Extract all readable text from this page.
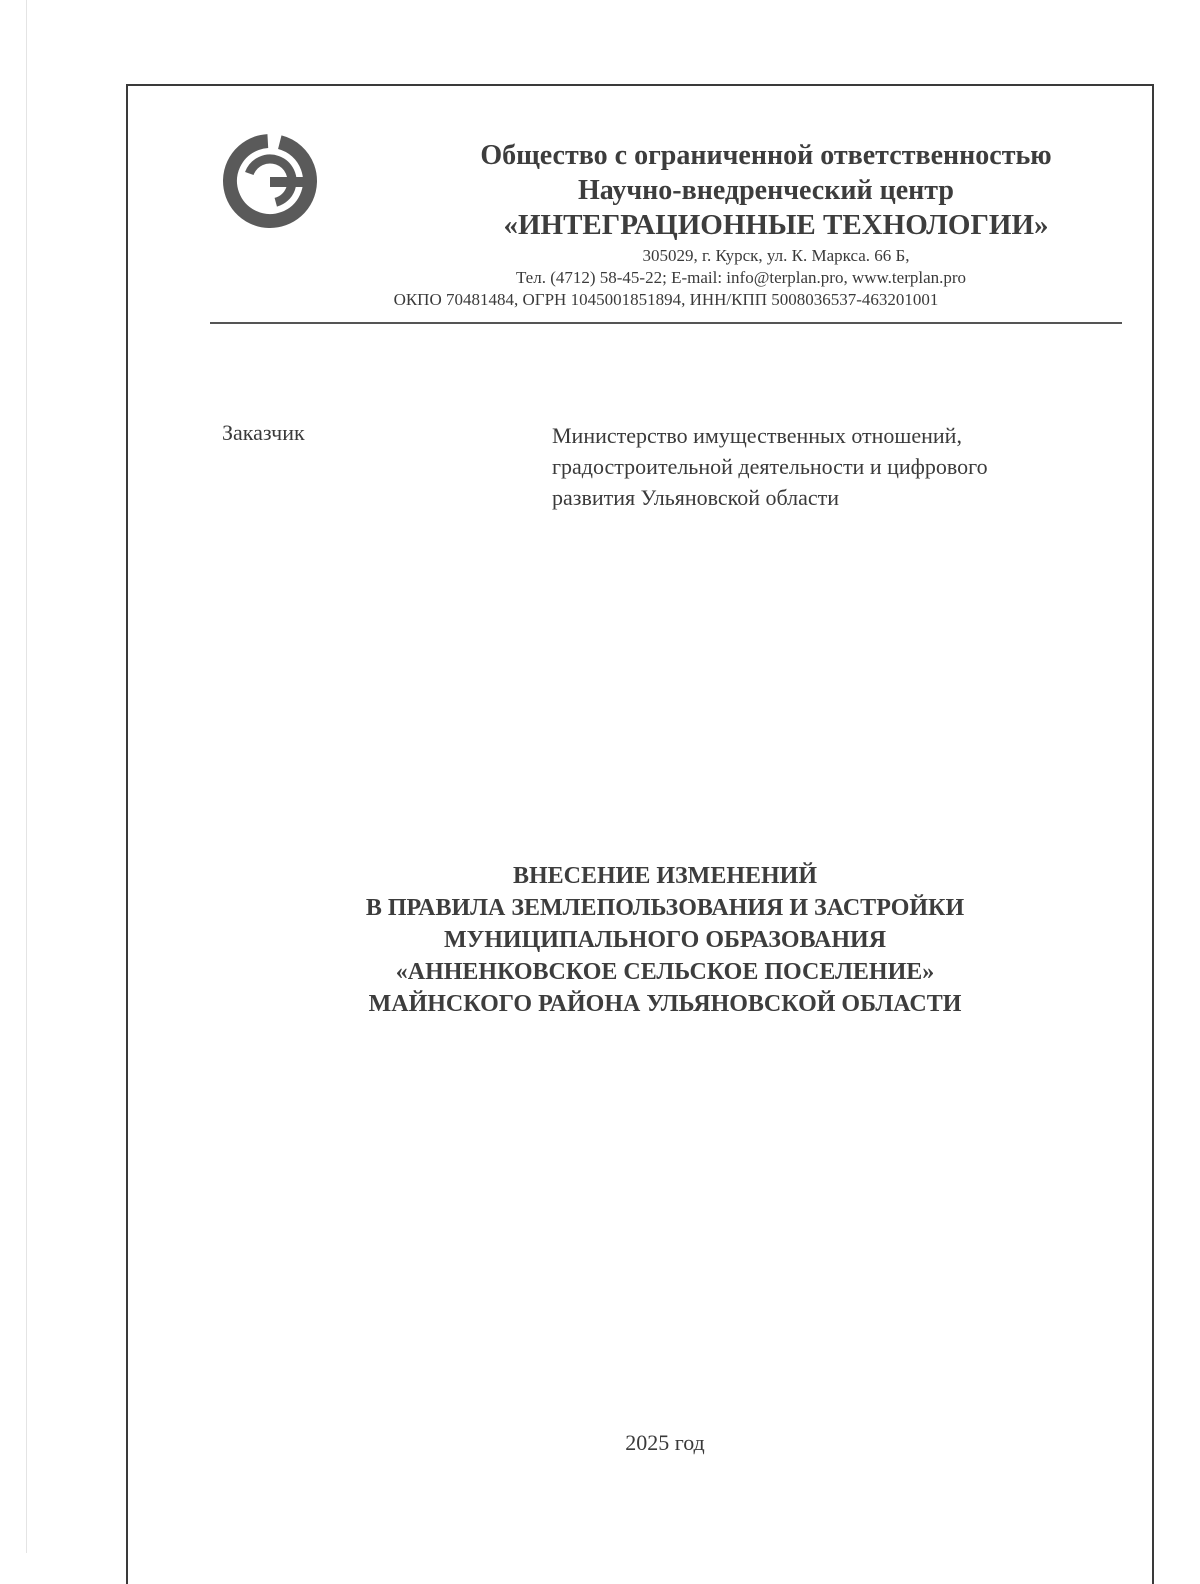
Общество с ограниченной ответственностью
Научно-внедренческий центр
«ИНТЕГРАЦИОННЫЕ ТЕХНОЛОГИИ»
305029, г. Курск, ул. К. Маркса. 66 Б,
Тел. (4712) 58-45-22; E-mail: info@terplan.pro, www.terplan.pro
ОКПО 70481484, ОГРН 1045001851894, ИНН/КПП 5008036537-463201001
Заказчик	Министерство имущественных отношений,
градостроительной деятельности и цифрового
развития Ульяновской области
ВНЕСЕНИЕ ИЗМЕНЕНИЙ
В ПРАВИЛА ЗЕМЛЕПОЛЬЗОВАНИЯ И ЗАСТРОЙКИ
МУНИЦИПАЛЬНОГО ОБРАЗОВАНИЯ
«АННЕНКОВСКОЕ СЕЛЬСКОЕ ПОСЕЛЕНИЕ»
МАЙНСКОГО РАЙОНА УЛЬЯНОВСКОЙ ОБЛАСТИ
2025 год
